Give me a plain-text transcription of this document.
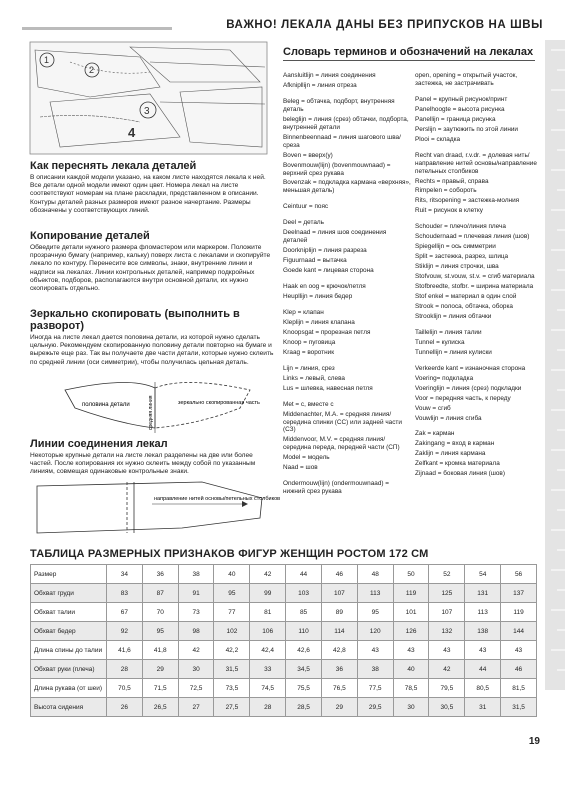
ВАЖНО! ЛЕКАЛА ДАНЫ БЕЗ ПРИПУСКОВ НА ШВЫ
1
2
3
4
Как переснять лекала деталей
В описании каждой модели указано, на каком листе находятся лекала к ней. Все детали одной модели имеют один цвет. Номера лекал на листе соответствуют номерам на плане раскладки, представленном в описании. Контуры деталей разных размеров имеют разное начертание. Размеры обозначены у соответствующих линий.
Копирование деталей
Обведите детали нужного размера фломастером или маркером. Положите прозрачную бумагу (например, кальку) поверх листа с лекалами и скопируйте лекало по контуру. Перенесите все символы, знаки, внутренние линии и надписи на лекалах. Линии контрольных деталей, например подкройных объектов, подборов, располагаются внутри основной детали, их нужно скопировать отдельно.
Зеркально скопировать (выполнить в разворот)
Иногда на листе лекал дается половина детали, из которой нужно сделать цельную. Рекомендуем скопированную половину детали повторно на бумаге и вырежьте еще раз. Так вы получаете две части детали, которые нужно склеить по средней линии (оси симметрии), чтобы получилась цельная деталь.
половина детали	зеркально скопированная часть
средняя линия
Линии соединения лекал
Некоторые крупные детали на листе лекал разделены на две или более частей. После копирования их нужно склеить между собой по указанным линиям, совмещая одинаковые контрольные знаки.
направление нитей основы/петельных столбиков
Словарь терминов и обозначений на лекалах
Aansluitlijn = линия соединения
Afknipllijn = линия отреза
Beleg = обтачка, подборт, внутренняя деталь
beleglijn = линия (срез) обтачки, подборта, внутренней детали
Binnenbeennaad = линия шагового шва/среза
Boven = вверх(у)
Bovenmouw(lijn) (bovenmouwnaad) = верхний срез рукава
Bovenzak = подкладка кармана «верхняя», меньшая деталь)
Ceintuur = пояс
Deel = деталь
Deelnaad = линия шов соединения деталей
Doorkniplijn = линия разреза
Figuurnaad = вытачка
Goede kant = лицевая сторона
Haak en oog = крючок/петля
Heupllijn = линия бедер
Klep = клапан
Kleplijn = линия клапана
Knoopsgat = прорезная петля
Knoop = пуговица
Kraag = воротник
Lijn = линия, срез
Links = левый, слева
Lus = шлевка, навесная петля
Met = с, вместе с
Middenachter, M.A. = средняя линия/середина спинки (СС) или задней части (СЗ)
Middenvoor, M.V. = средняя линия/середина переда, передней части (СП)
Model = модель
Naad = шов
Ondermouw(lijn) (ondermouwnaad) = нижний срез рукава
open, opening = открытый участок, застежка, не застрачивать
Panel = крупный рисунок/принт
Panelhoogte = высота рисунка
Panellijn = граница рисунка
Perslijn = заутюжить по этой линии
Plooi = складка
Recht van draad, r.v.dr. = долевая нить/направление нитей основы/направление петельных столбиков
Rechts = правый, справа
Rimpelen = собороть
Rits, ritsopening = застежка-молния
Ruit = рисунок в клетку
Schouder = плечо/линия плеча
Schoudernaad = плечевая линия (шов)
Spiegellijn = ось симметрии
Split = застежка, разрез, шлица
Stiklijn = линия строчки, шва
Stofvouw, st.vouw, st.v. = сгиб материала
Stofbreedte, stofbr. = ширина материала
Stof enkel = материал в один слой
Strook = полоса, обтачка, оборка
Strooklijn = линия обтачки
Taillelijn = линия талии
Tunnel = кулиска
Tunnellijn = линия кулиски
Verkeerde kant = изнаночная сторона
Voering= подкладка
Voeringlijn = линия (срез) подкладки
Voor = передняя часть, к переду
Vouw = сгиб
Vouwlijn = линия сгиба
Zak = карман
Zakingang = вход в карман
Zaklijn = линия кармана
Zelfkant = кромка материала
Zijnaad = боковая линия (шов)
ТАБЛИЦА РАЗМЕРНЫХ ПРИЗНАКОВ ФИГУР ЖЕНЩИН РОСТОМ 172 СМ
Размер	34	36	38	40	42	44	46	48	50	52	54	56
Обхват груди	83	87	91	95	99	103	107	113	119	125	131	137
Обхват талии	67	70	73	77	81	85	89	95	101	107	113	119
Обхват бедер	92	95	98	102	106	110	114	120	126	132	138	144
Длина спины до талии	41,6	41,8	42	42,2	42,4	42,6	42,8	43	43	43	43	43
Обхват руки (плеча)	28	29	30	31,5	33	34,5	36	38	40	42	44	46
Длина рукава (от шеи)	70,5	71,5	72,5	73,5	74,5	75,5	76,5	77,5	78,5	79,5	80,5	81,5
Высота сидения	26	26,5	27	27,5	28	28,5	29	29,5	30	30,5	31	31,5
19
